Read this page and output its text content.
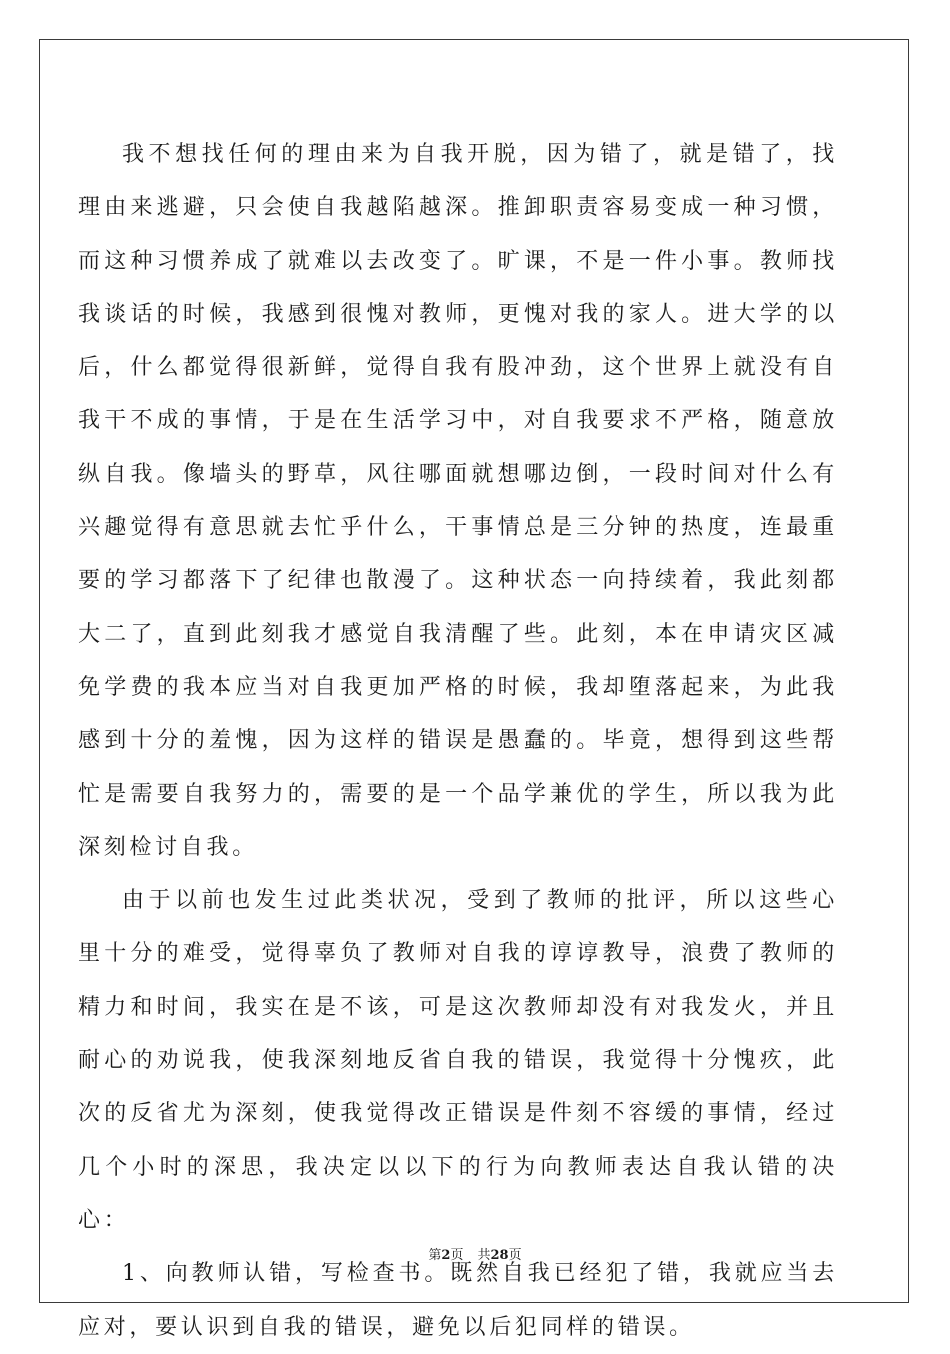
我不想找任何的理由来为自我开脱，因为错了，就是错了，找理由来逃避，只会使自我越陷越深。推卸职责容易变成一种习惯，而这种习惯养成了就难以去改变了。旷课，不是一件小事。教师找我谈话的时候，我感到很愧对教师，更愧对我的家人。进大学的以后，什么都觉得很新鲜，觉得自我有股冲劲，这个世界上就没有自我干不成的事情，于是在生活学习中，对自我要求不严格，随意放纵自我。像墙头的野草，风往哪面就想哪边倒，一段时间对什么有兴趣觉得有意思就去忙乎什么，干事情总是三分钟的热度，连最重要的学习都落下了纪律也散漫了。这种状态一向持续着，我此刻都大二了，直到此刻我才感觉自我清醒了些。此刻，本在申请灾区减免学费的我本应当对自我更加严格的时候，我却堕落起来，为此我感到十分的羞愧，因为这样的错误是愚蠢的。毕竟，想得到这些帮忙是需要自我努力的，需要的是一个品学兼优的学生，所以我为此深刻检讨自我。

由于以前也发生过此类状况，受到了教师的批评，所以这些心里十分的难受，觉得辜负了教师对自我的谆谆教导，浪费了教师的精力和时间，我实在是不该，可是这次教师却没有对我发火，并且耐心的劝说我，使我深刻地反省自我的错误，我觉得十分愧疚，此次的反省尤为深刻，使我觉得改正错误是件刻不容缓的事情，经过几个小时的深思，我决定以以下的行为向教师表达自我认错的决心：

1、向教师认错，写检查书。既然自我已经犯了错，我就应当去应对，要认识到自我的错误，避免以后犯同样的错误。

第2页 共28页
